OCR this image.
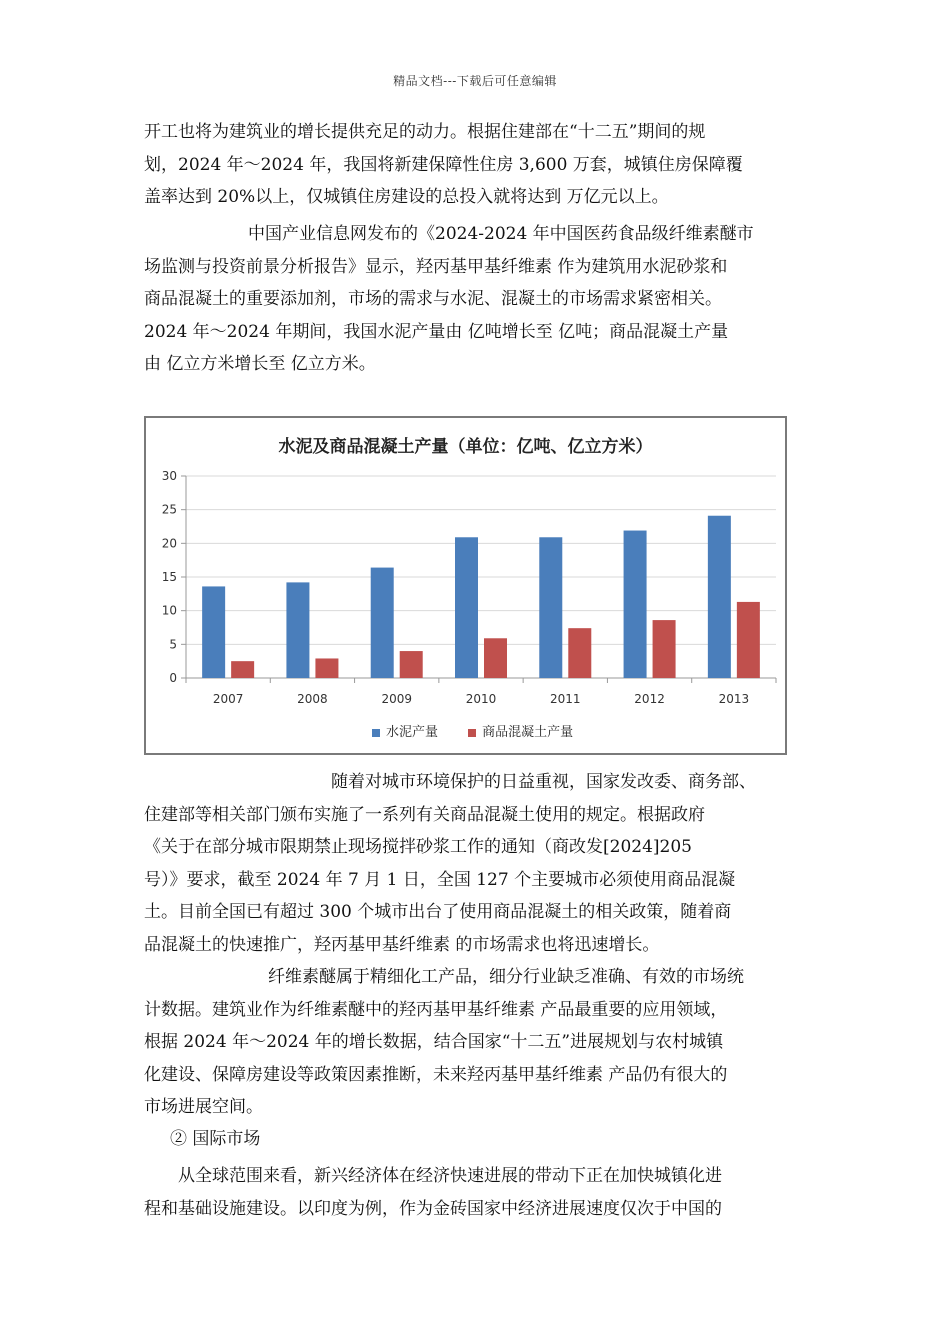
精品文档---下载后可任意编辑
开工也将为建筑业的增长提供充足的动力。根据住建部在“十二五”期间的规
划，2024 年～2024 年，我国将新建保障性住房 3,600 万套，城镇住房保障覆
盖率达到 20%以上，仅城镇住房建设的总投入就将达到 万亿元以上。
中国产业信息网发布的《2024-2024 年中国医药食品级纤维素醚市
场监测与投资前景分析报告》显示，羟丙基甲基纤维素 作为建筑用水泥砂浆和
商品混凝土的重要添加剂，市场的需求与水泥、混凝土的市场需求紧密相关。
2024 年～2024 年期间，我国水泥产量由 亿吨增长至 亿吨；商品混凝土产量
由 亿立方米增长至 亿立方米。
水泥及商品混凝土产量（单位：亿吨、亿立方米）
0
5
10
15
20
25
30
2007	2008	2009	2010	2011	2012	2013
水泥产量	商品混凝土产量
随着对城市环境保护的日益重视，国家发改委、商务部、
住建部等相关部门颁布实施了一系列有关商品混凝土使用的规定。根据政府
《关于在部分城市限期禁止现场搅拌砂浆工作的通知（商改发[2024]205
号）》要求，截至 2024 年 7 月 1 日，全国 127 个主要城市必须使用商品混凝
土。目前全国已有超过 300 个城市出台了使用商品混凝土的相关政策，随着商
品混凝土的快速推广，羟丙基甲基纤维素 的市场需求也将迅速增长。
纤维素醚属于精细化工产品，细分行业缺乏准确、有效的市场统
计数据。建筑业作为纤维素醚中的羟丙基甲基纤维素 产品最重要的应用领域，
根据 2024 年～2024 年的增长数据，结合国家“十二五”进展规划与农村城镇
化建设、保障房建设等政策因素推断，未来羟丙基甲基纤维素 产品仍有很大的
市场进展空间。
② 国际市场
从全球范围来看，新兴经济体在经济快速进展的带动下正在加快城镇化进
程和基础设施建设。以印度为例，作为金砖国家中经济进展速度仅次于中国的
